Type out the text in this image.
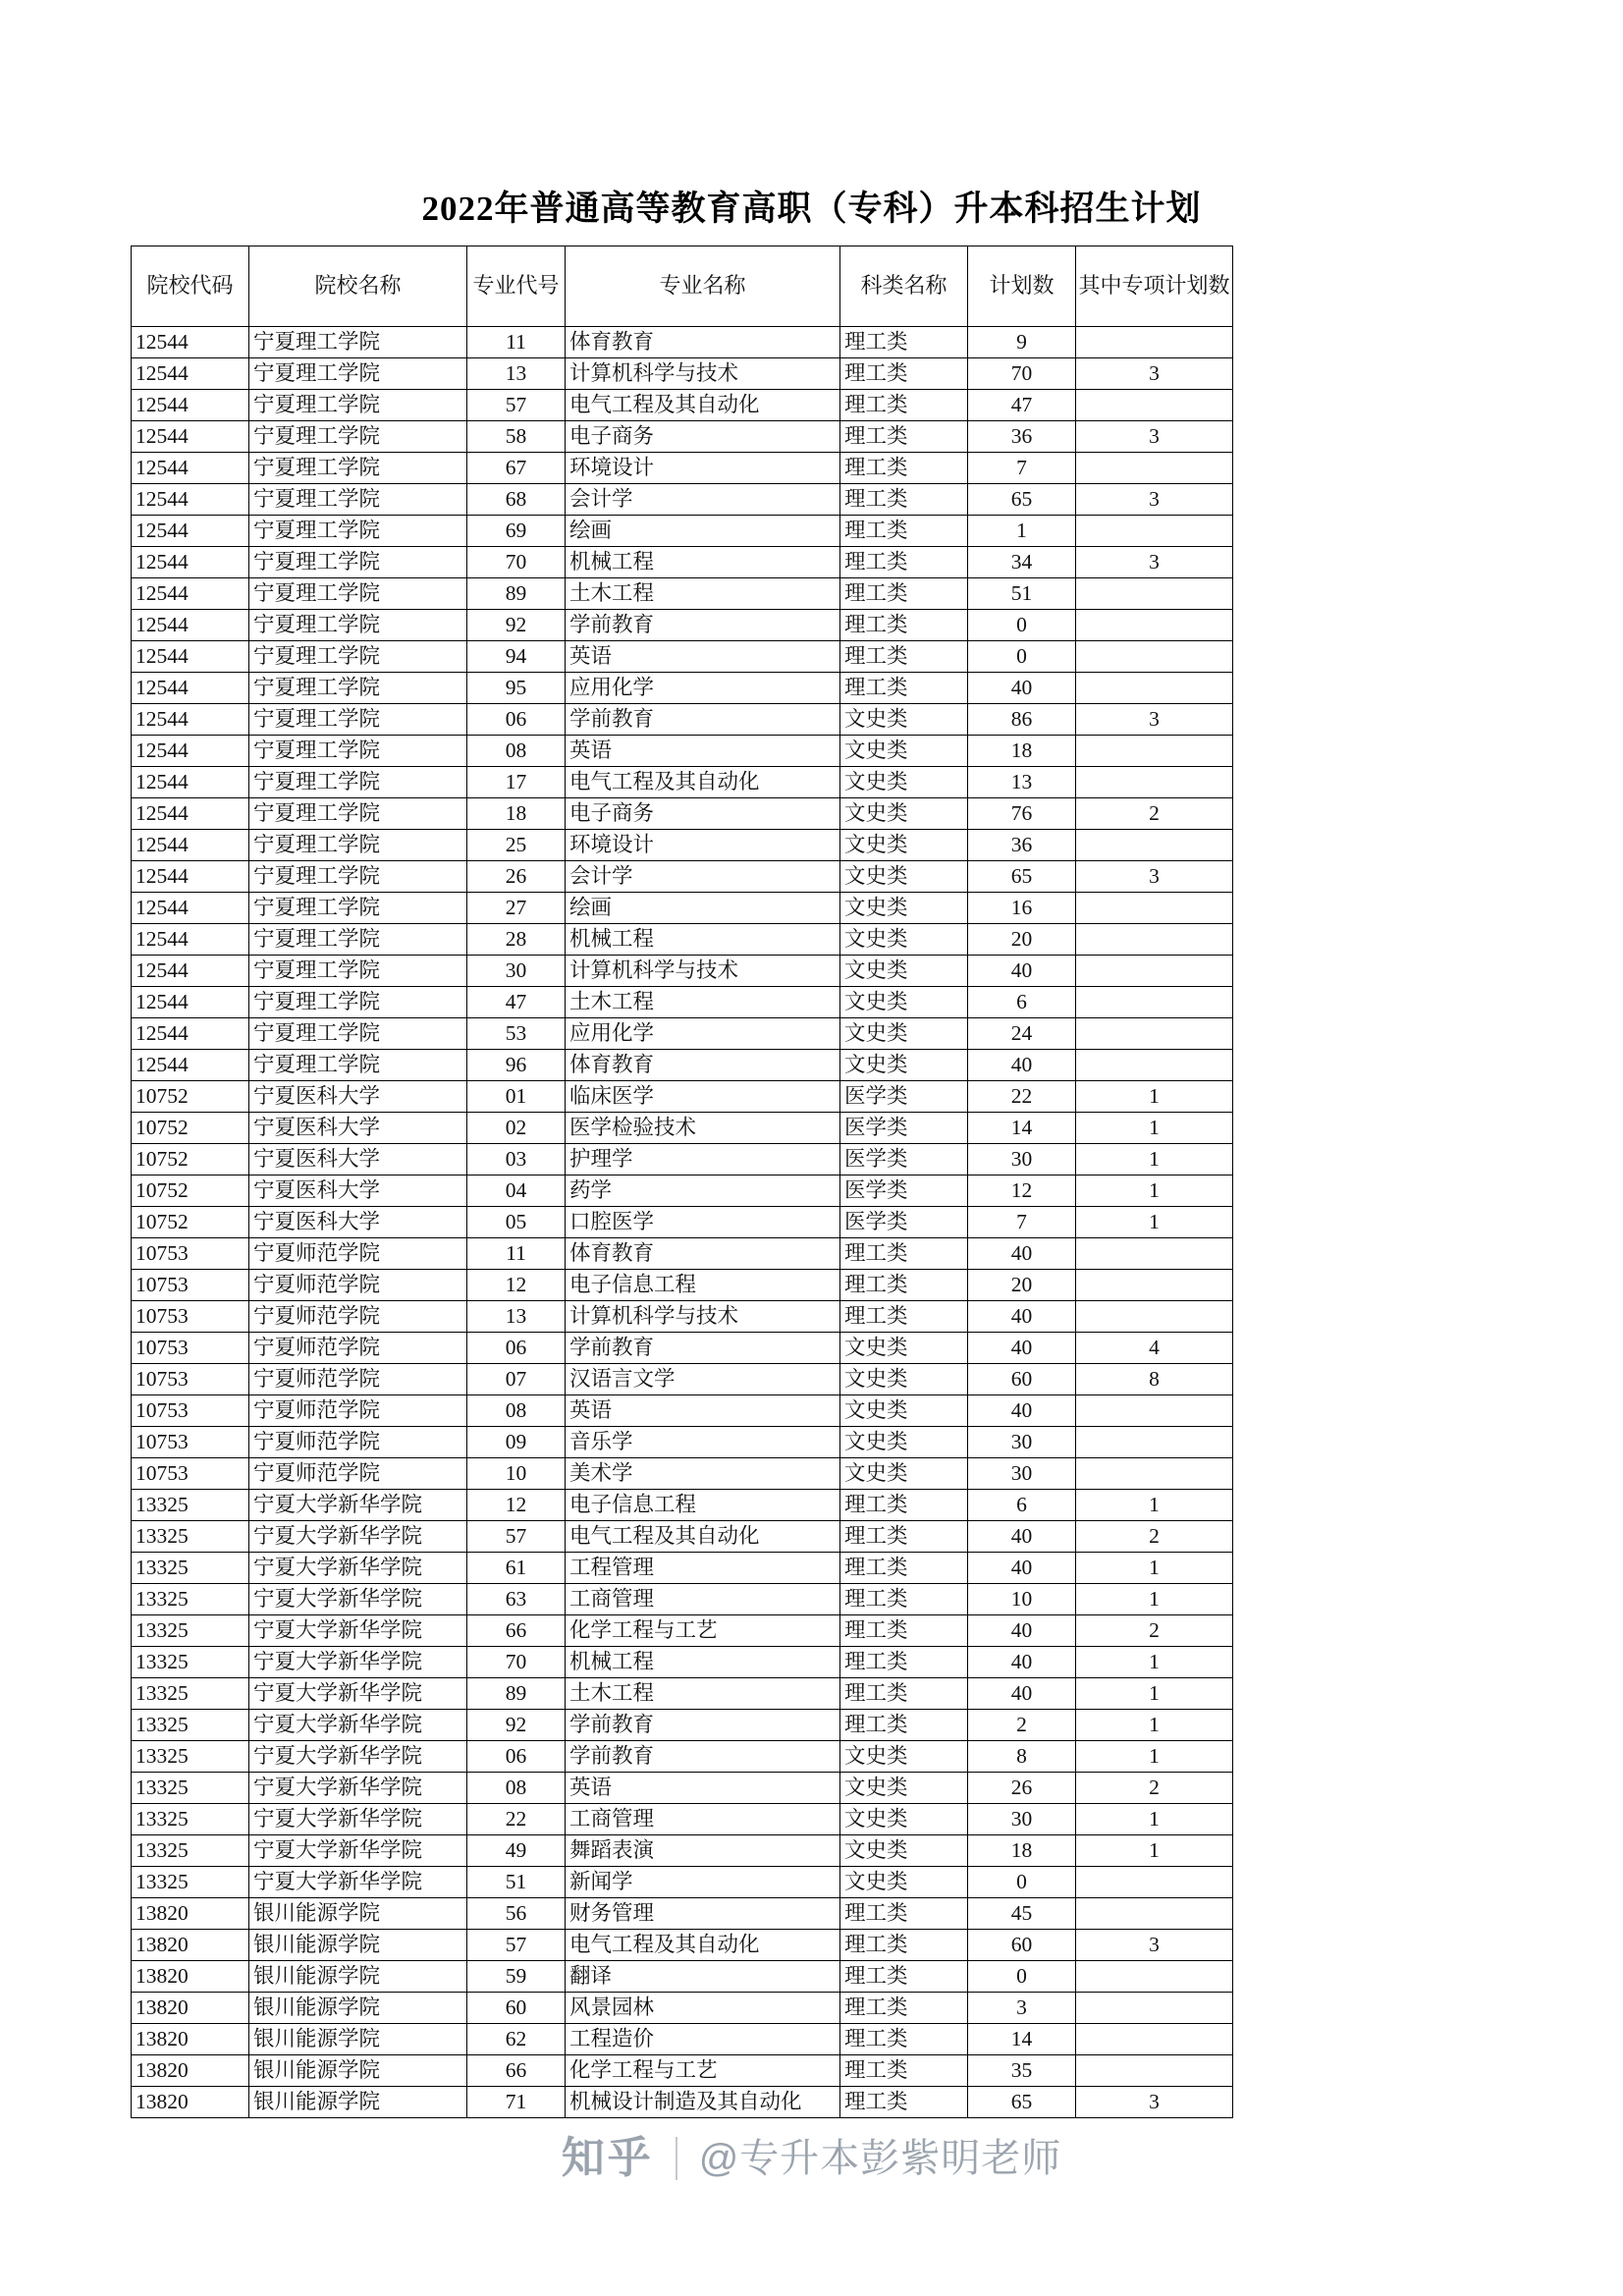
2022年普通高等教育高职（专科）升本科招生计划
院校代码	院校名称	专业代号	专业名称	科类名称	计划数	其中专项计划数
12544	宁夏理工学院	11	体育教育	理工类	9	
12544	宁夏理工学院	13	计算机科学与技术	理工类	70	3
12544	宁夏理工学院	57	电气工程及其自动化	理工类	47	
12544	宁夏理工学院	58	电子商务	理工类	36	3
12544	宁夏理工学院	67	环境设计	理工类	7	
12544	宁夏理工学院	68	会计学	理工类	65	3
12544	宁夏理工学院	69	绘画	理工类	1	
12544	宁夏理工学院	70	机械工程	理工类	34	3
12544	宁夏理工学院	89	土木工程	理工类	51	
12544	宁夏理工学院	92	学前教育	理工类	0	
12544	宁夏理工学院	94	英语	理工类	0	
12544	宁夏理工学院	95	应用化学	理工类	40	
12544	宁夏理工学院	06	学前教育	文史类	86	3
12544	宁夏理工学院	08	英语	文史类	18	
12544	宁夏理工学院	17	电气工程及其自动化	文史类	13	
12544	宁夏理工学院	18	电子商务	文史类	76	2
12544	宁夏理工学院	25	环境设计	文史类	36	
12544	宁夏理工学院	26	会计学	文史类	65	3
12544	宁夏理工学院	27	绘画	文史类	16	
12544	宁夏理工学院	28	机械工程	文史类	20	
12544	宁夏理工学院	30	计算机科学与技术	文史类	40	
12544	宁夏理工学院	47	土木工程	文史类	6	
12544	宁夏理工学院	53	应用化学	文史类	24	
12544	宁夏理工学院	96	体育教育	文史类	40	
10752	宁夏医科大学	01	临床医学	医学类	22	1
10752	宁夏医科大学	02	医学检验技术	医学类	14	1
10752	宁夏医科大学	03	护理学	医学类	30	1
10752	宁夏医科大学	04	药学	医学类	12	1
10752	宁夏医科大学	05	口腔医学	医学类	7	1
10753	宁夏师范学院	11	体育教育	理工类	40	
10753	宁夏师范学院	12	电子信息工程	理工类	20	
10753	宁夏师范学院	13	计算机科学与技术	理工类	40	
10753	宁夏师范学院	06	学前教育	文史类	40	4
10753	宁夏师范学院	07	汉语言文学	文史类	60	8
10753	宁夏师范学院	08	英语	文史类	40	
10753	宁夏师范学院	09	音乐学	文史类	30	
10753	宁夏师范学院	10	美术学	文史类	30	
13325	宁夏大学新华学院	12	电子信息工程	理工类	6	1
13325	宁夏大学新华学院	57	电气工程及其自动化	理工类	40	2
13325	宁夏大学新华学院	61	工程管理	理工类	40	1
13325	宁夏大学新华学院	63	工商管理	理工类	10	1
13325	宁夏大学新华学院	66	化学工程与工艺	理工类	40	2
13325	宁夏大学新华学院	70	机械工程	理工类	40	1
13325	宁夏大学新华学院	89	土木工程	理工类	40	1
13325	宁夏大学新华学院	92	学前教育	理工类	2	1
13325	宁夏大学新华学院	06	学前教育	文史类	8	1
13325	宁夏大学新华学院	08	英语	文史类	26	2
13325	宁夏大学新华学院	22	工商管理	文史类	30	1
13325	宁夏大学新华学院	49	舞蹈表演	文史类	18	1
13325	宁夏大学新华学院	51	新闻学	文史类	0	
13820	银川能源学院	56	财务管理	理工类	45	
13820	银川能源学院	57	电气工程及其自动化	理工类	60	3
13820	银川能源学院	59	翻译	理工类	0	
13820	银川能源学院	60	风景园林	理工类	3	
13820	银川能源学院	62	工程造价	理工类	14	
13820	银川能源学院	66	化学工程与工艺	理工类	35	
13820	银川能源学院	71	机械设计制造及其自动化	理工类	65	3
知乎 @专升本彭紫明老师
